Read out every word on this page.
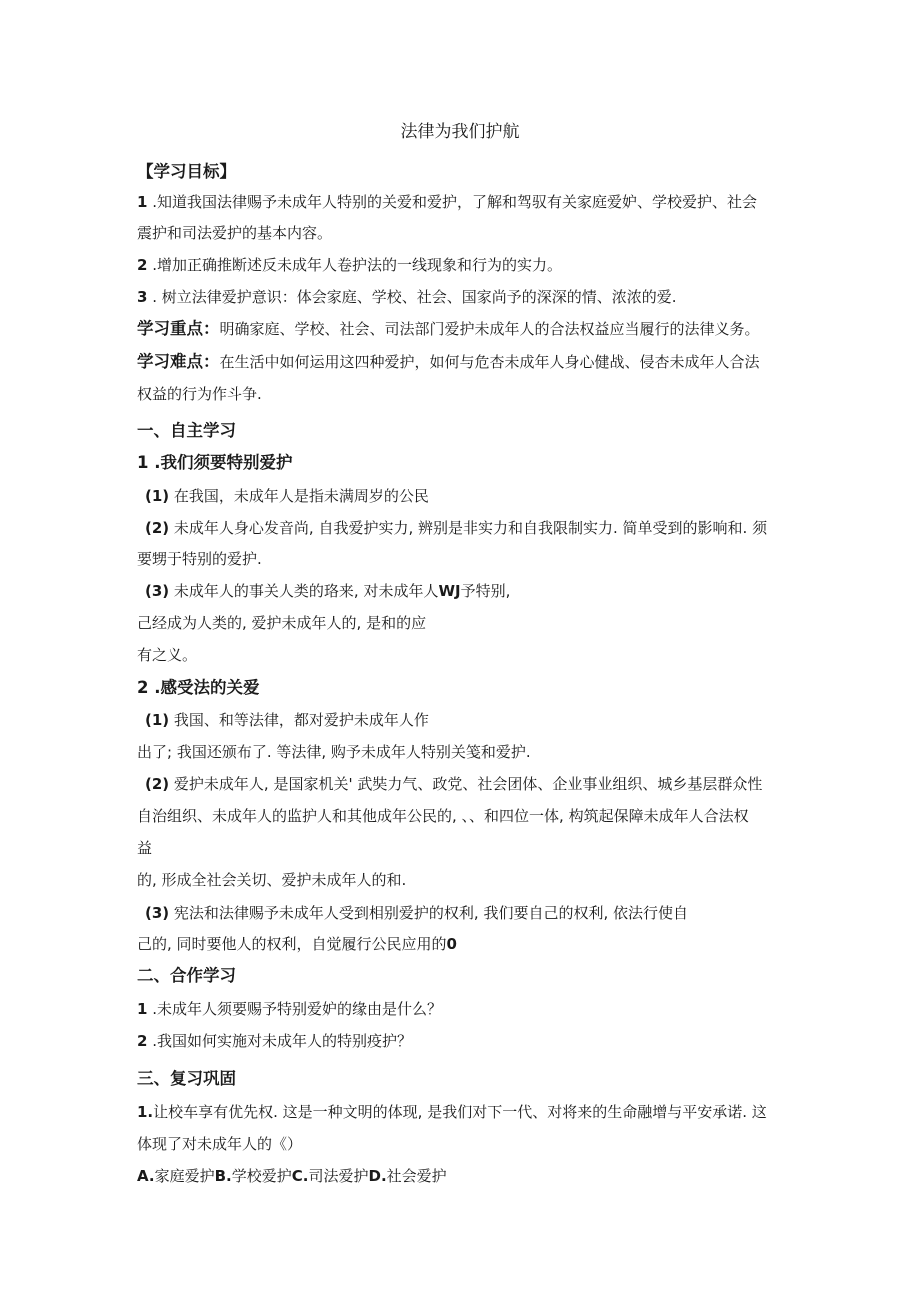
法律为我们护航
【学习目标】
1 .知道我国法律赐予未成年人特别的关爱和爱护，了解和驾驭有关家庭爱妒、学校爱护、社会
震护和司法爱护的基本内容。
2 .增加正确推断述反未成年人卷护法的一线现象和行为的实力。
3 . 树立法律爱护意识：体会家庭、学校、社会、国家尚予的深深的情、浓浓的爱.
学习重点：明确家庭、学校、社会、司法部门爱护未成年人的合法权益应当履行的法律义务。
学习难点：在生活中如何运用这四种爱护，如何与危杏未成年人身心健战、侵杏未成年人合法
权益的行为作斗争.
一、自主学习
1 .我们须要特别爱护
(1) 在我国，未成年人是指未满周岁的公民
(2) 未成年人身心发音尚, 自我爱护实力, 辨别是非实力和自我限制实力. 简单受到的影响和. 须
要甥于特别的爱护.
(3) 未成年人的事关人类的珞来, 对未成年人WJ予特别,
己经成为人类的, 爱护未成年人的, 是和的应
有之义。
2 .感受法的关爱
(1) 我国、和等法律，都对爱护未成年人作
出了; 我国还颁布了. 等法律, 购予未成年人特别关笺和爱护.
(2) 爱护未成年人, 是国家机关' 武奘力气、政党、社会团体、企业事业组织、城乡基层群众性
自治组织、未成年人的监护人和其他成年公民的, 、、和四位一体, 构筑起保障未成年人合法权
益
的, 形成全社会关切、爱护未成年人的和.
(3) 宪法和法律赐予未成年人受到相别爱护的权利, 我们要自己的权利, 依法行使自
己的, 同时要他人的权利，自觉履行公民应用的0
二、合作学习
1 .未成年人须要赐予特别爱妒的缘由是什么？
2 .我国如何实施对未成年人的特别疫护？
三、复习巩固
1.让校车享有优先权. 这是一种文明的体现, 是我们对下一代、对将来的生命融增与平安承诺. 这
体现了对未成年人的《）
A.家庭爱护B.学校爱护C.司法爱护D.社会爱护
